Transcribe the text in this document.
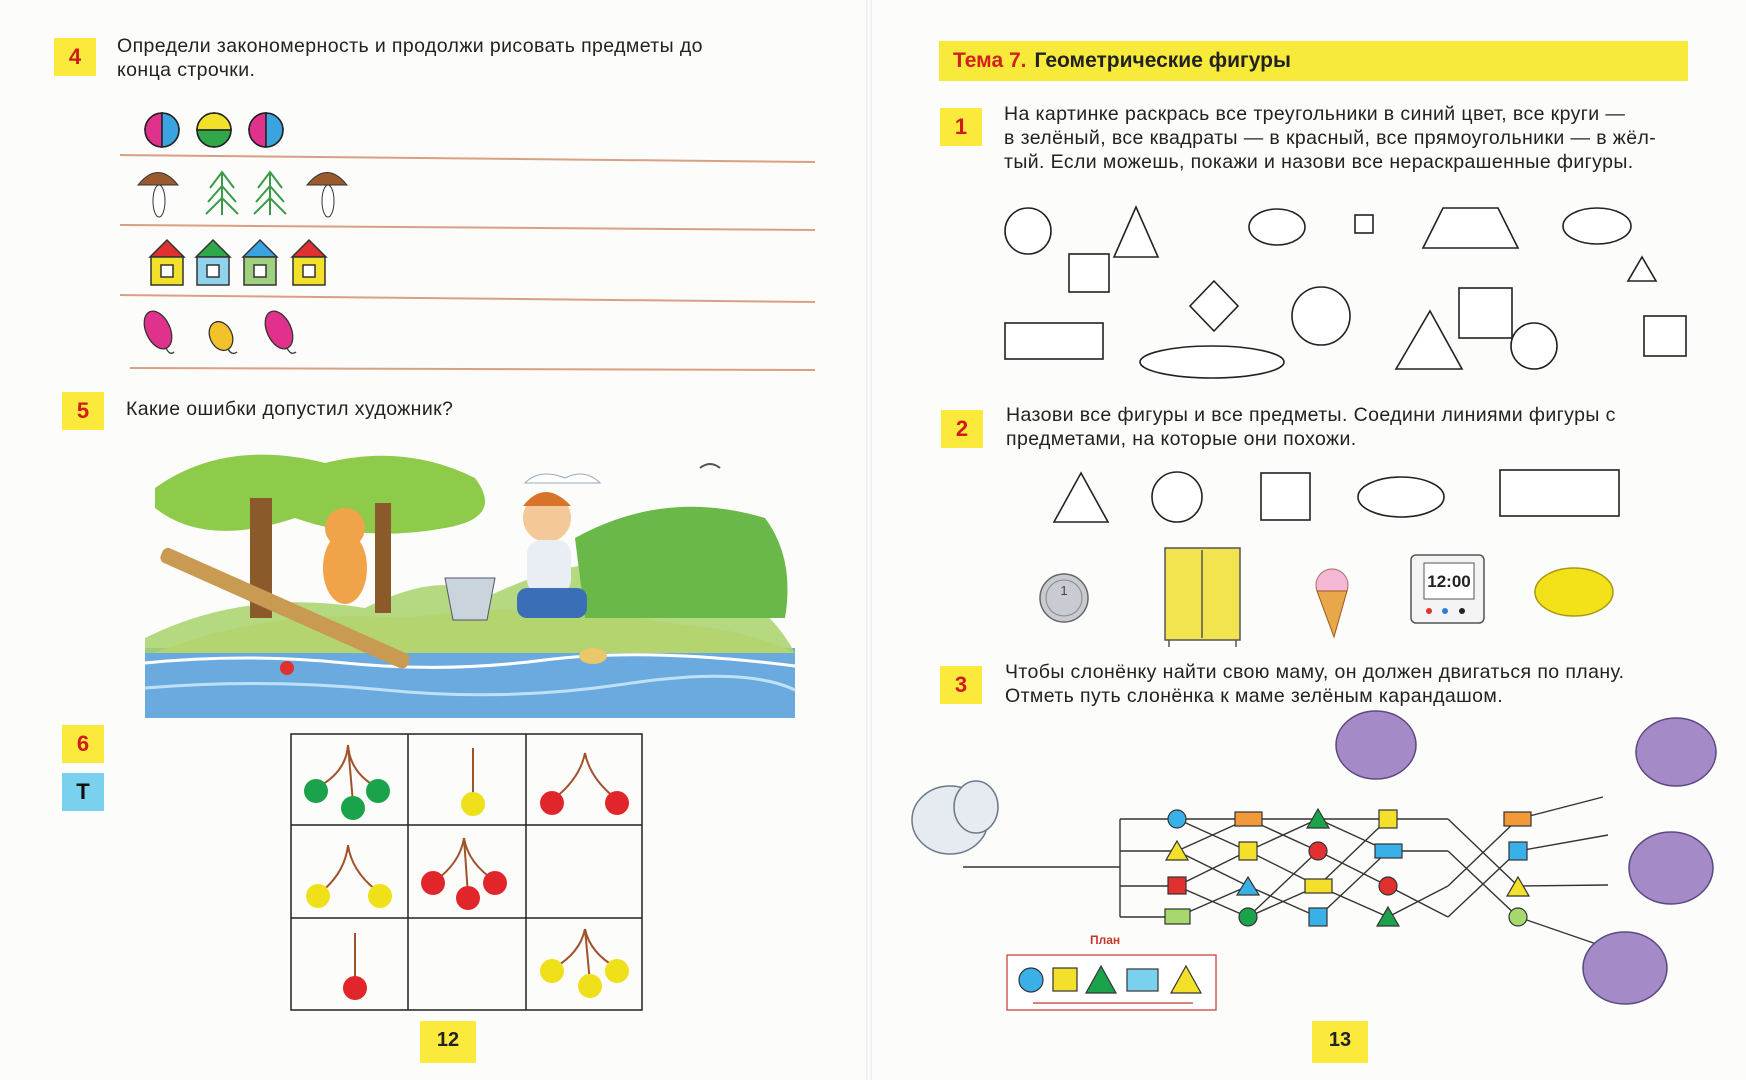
4	Определи закономерность и продолжи рисовать предметы до
конца строчки.
5	Какие ошибки допустил художник?
6
Т
12
Тема 7. Геометрические фигуры
1	На картинке раскрась все треугольники в синий цвет, все круги —
в зелёный, все квадраты — в красный, все прямоугольники — в жёл-
тый. Если можешь, покажи и назови все нераскрашенные фигуры.
2
Назови все фигуры и все предметы. Соедини линиями фигуры с
предметами, на которые они похожи.
1	12:00
3	Чтобы слонёнку найти свою маму, он должен двигаться по плану.
Отметь путь слонёнка к маме зелёным карандашом.
План
13
